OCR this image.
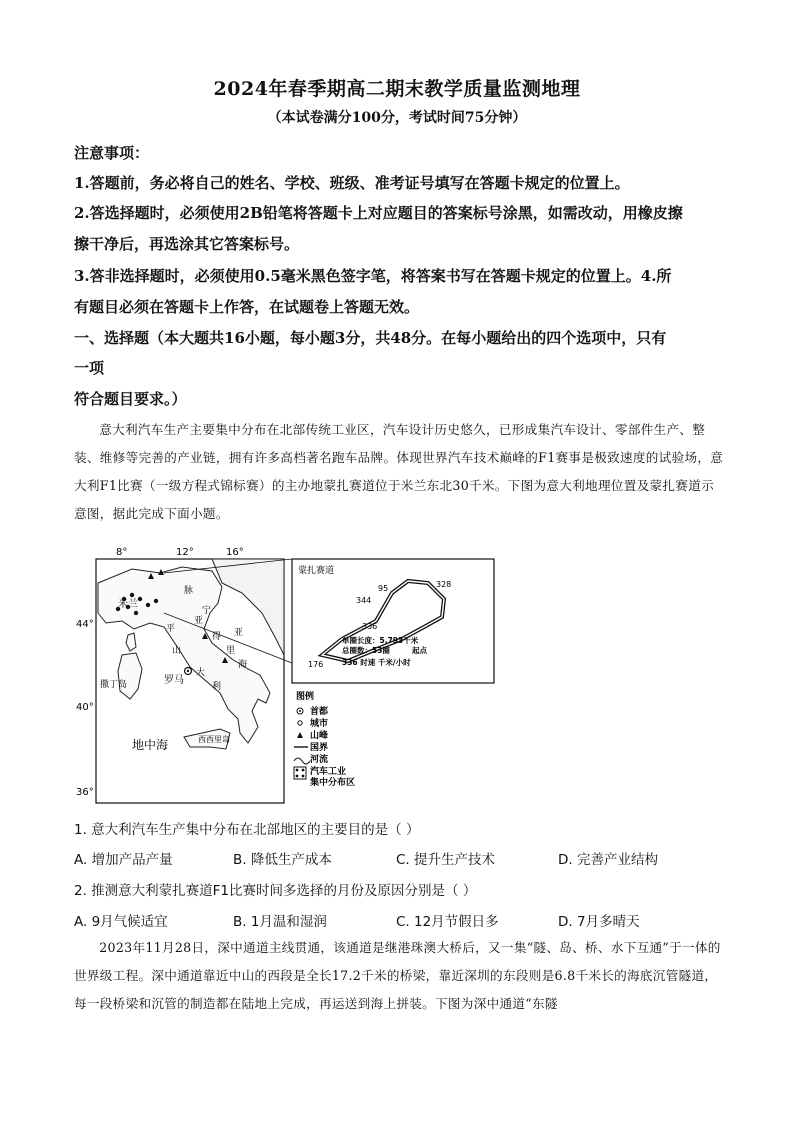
2024年春季期高二期末教学质量监测地理
（本试卷满分100分，考试时间75分钟）
注意事项：
1.答题前，务必将自己的姓名、学校、班级、准考证号填写在答题卡规定的位置上。
2.答选择题时，必须使用2B铅笔将答题卡上对应题目的答案标号涂黑，如需改动，用橡皮擦
擦干净后，再选涂其它答案标号。
3.答非选择题时，必须使用0.5毫米黑色签字笔，将答案书写在答题卡规定的位置上。4.所
有题目必须在答题卡上作答，在试题卷上答题无效。
一、选择题（本大题共16小题，每小题3分，共48分。在每小题给出的四个选项中，只有
一项
符合题目要求。）

意大利汽车生产主要集中分布在北部传统工业区，汽车设计历史悠久，已形成集汽车设计、零部件生产、整装、维修等完善的产业链，拥有许多高档著名跑车品牌。体现世界汽车技术巅峰的F1赛事是极致速度的试验场，意大利F1比赛（一级方程式锦标赛）的主办地蒙扎赛道位于米兰东北30千米。下图为意大利地理位置及蒙扎赛道示意图，据此完成下面小题。

8°	12°	16°
44°
40°
36°
米兰
罗马
撒丁岛
西西里岛
地中海
脉
亚
得
平
宁
里
海
大
利
山
亚
蒙扎赛道
95	328
344
336
176
单圈长度：5.793千米
总圈数：53圈	起点
336 时速 千米/小时
图例
首都
城市
山峰
国界
河流
汽车工业
集中分布区
1. 意大利汽车生产集中分布在北部地区的主要目的是（ ）
A. 增加产品产量	B. 降低生产成本	C. 提升生产技术	D. 完善产业结构
2. 推测意大利蒙扎赛道F1比赛时间多选择的月份及原因分别是（ ）
A. 9月气候适宜	B. 1月温和湿润	C. 12月节假日多	D. 7月多晴天

2023年11月28日，深中通道主线贯通，该通道是继港珠澳大桥后，又一集“隧、岛、桥、水下互通”于一体的世界级工程。深中通道靠近中山的西段是全长17.2千米的桥梁，靠近深圳的东段则是6.8千米长的海底沉管隧道，每一段桥梁和沉管的制造都在陆地上完成，再运送到海上拼装。下图为深中通道“东隧
